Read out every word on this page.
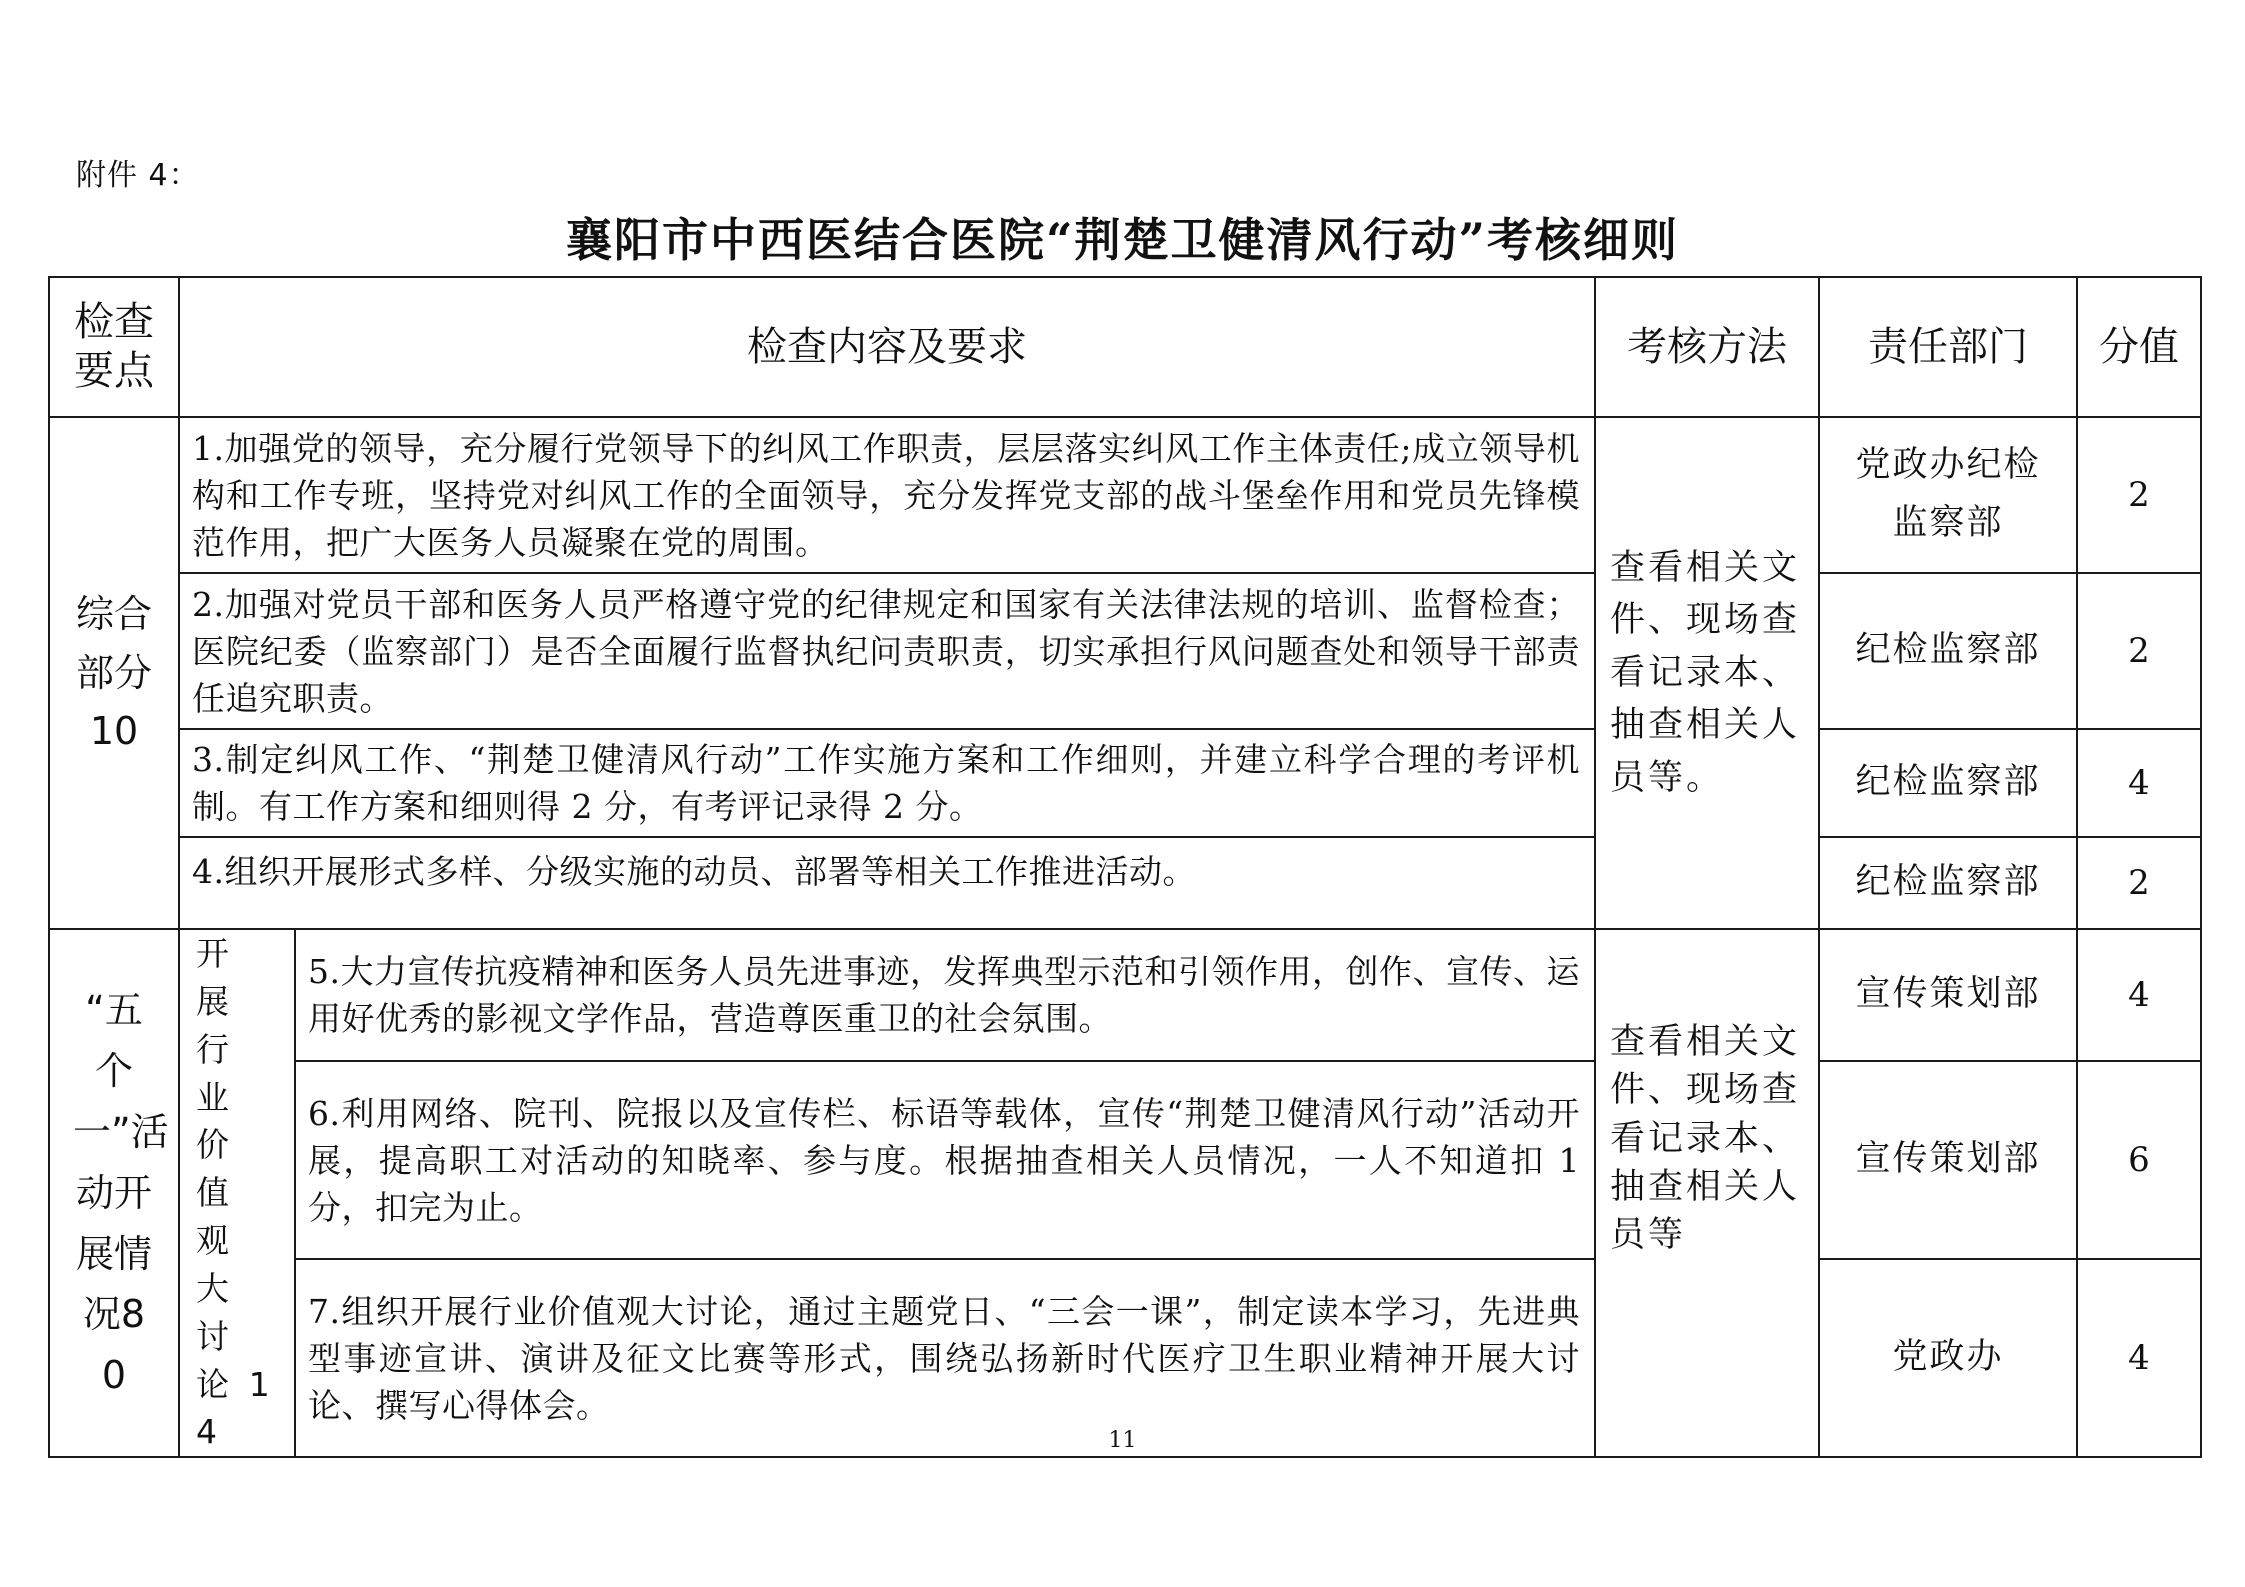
附件 4：
襄阳市中西医结合医院“荆楚卫健清风行动”考核细则
检查要点	检查内容及要求		考核方法	责任部门	分值

综合部分10	1.加强党的领导，充分履行党领导下的纠风工作职责，层层落实纠风工作主体责任;成立领导机构和工作专班，坚持党对纠风工作的全面领导，充分发挥党支部的战斗堡垒作用和党员先锋模范作用，把广大医务人员凝聚在党的周围。		查看相关文件、现场查看记录本、抽查相关人员等。	党政办纪检监察部	2
	2.加强对党员干部和医务人员严格遵守党的纪律规定和国家有关法律法规的培训、监督检查；医院纪委（监察部门）是否全面履行监督执纪问责职责，切实承担行风问题查处和领导干部责任追究职责。			纪检监察部	2
	3.制定纠风工作、“荆楚卫健清风行动”工作实施方案和工作细则，并建立科学合理的考评机制。有工作方案和细则得 2 分，有考评记录得 2 分。			纪检监察部	4
	4.组织开展形式多样、分级实施的动员、部署等相关工作推进活动。			纪检监察部	2

“五个一”活动开展情况80	开展行业价值观大讨论14	5.大力宣传抗疫精神和医务人员先进事迹，发挥典型示范和引领作用，创作、宣传、运用好优秀的影视文学作品，营造尊医重卫的社会氛围。	查看相关文件、现场查看记录本、抽查相关人员等	宣传策划部	4
		6.利用网络、院刊、院报以及宣传栏、标语等载体，宣传“荆楚卫健清风行动”活动开展，提高职工对活动的知晓率、参与度。根据抽查相关人员情况，一人不知道扣 1 分，扣完为止。		宣传策划部	6
		7.组织开展行业价值观大讨论，通过主题党日、“三会一课”，制定读本学习，先进典型事迹宣讲、演讲及征文比赛等形式，围绕弘扬新时代医疗卫生职业精神开展大讨论、撰写心得体会。		党政办	4
11
